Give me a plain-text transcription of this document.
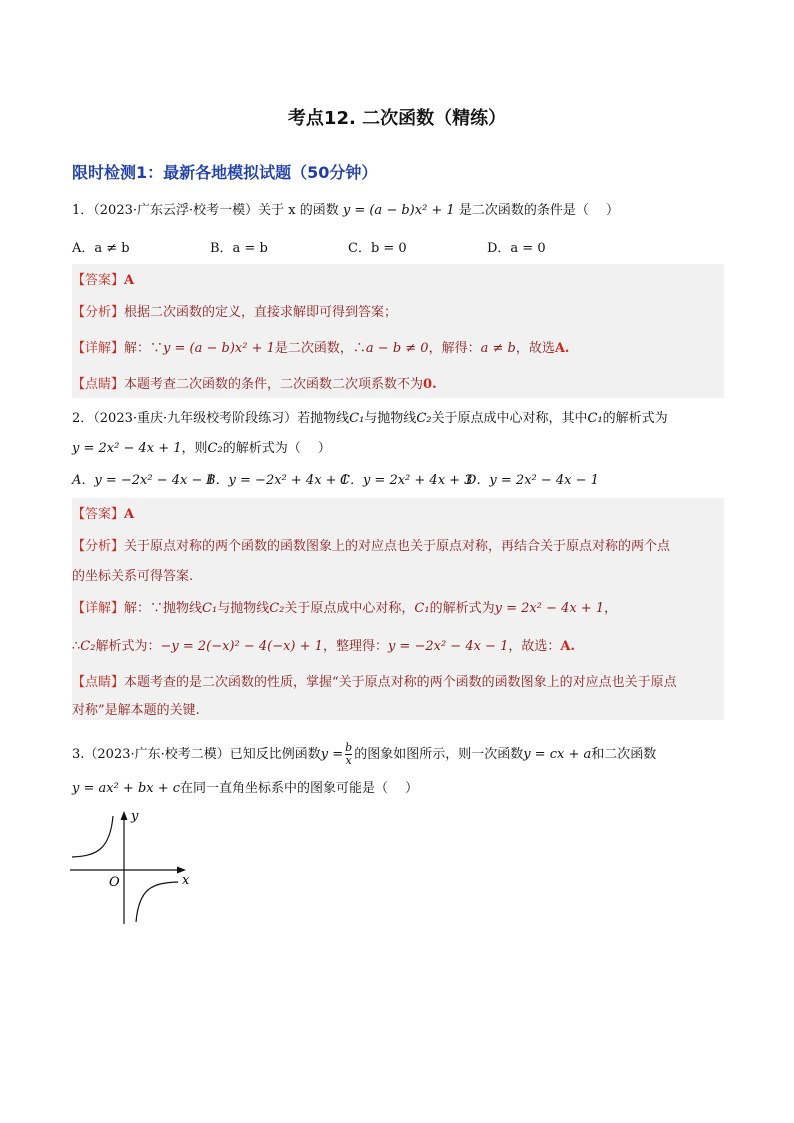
考点12. 二次函数（精练）
限时检测1：最新各地模拟试题（50分钟）
1．（2023·广东云浮·校考一模）关于 x 的函数 y = (a − b)x² + 1 是二次函数的条件是（　 ）
A．a ≠ b	B．a = b	C．b = 0	D．a = 0
【答案】A
【分析】根据二次函数的定义，直接求解即可得到答案；
【详解】解：∵y = (a − b)x² + 1是二次函数，∴a − b ≠ 0，解得：a ≠ b，故选A.
【点睛】本题考查二次函数的条件，二次函数二次项系数不为0.
2．（2023·重庆·九年级校考阶段练习）若抛物线C₁与抛物线C₂关于原点成中心对称，其中C₁的解析式为
y = 2x² − 4x + 1，则C₂的解析式为（　 ）
A．y = −2x² − 4x − 1
B．y = −2x² + 4x + 1
C．y = 2x² + 4x + 3
D．y = 2x² − 4x − 1
【答案】A
【分析】关于原点对称的两个函数的函数图象上的对应点也关于原点对称，再结合关于原点对称的两个点
的坐标关系可得答案.
【详解】解：∵抛物线C₁与抛物线C₂关于原点成中心对称，C₁的解析式为y = 2x² − 4x + 1，
∴C₂解析式为：−y = 2(−x)² − 4(−x) + 1，整理得：y = −2x² − 4x − 1，故选：A.
【点睛】本题考查的是二次函数的性质，掌握“关于原点对称的两个函数的函数图象上的对应点也关于原点
对称”是解本题的关键.
3.（2023·广东·校考二模）已知反比例函数$y = \frac{b}{x}$ 的图象如图所示，则一次函数y = cx + a和二次函数
y = ax² + bx + c在同一直角坐标系中的图象可能是（　 ）
y
x
O
